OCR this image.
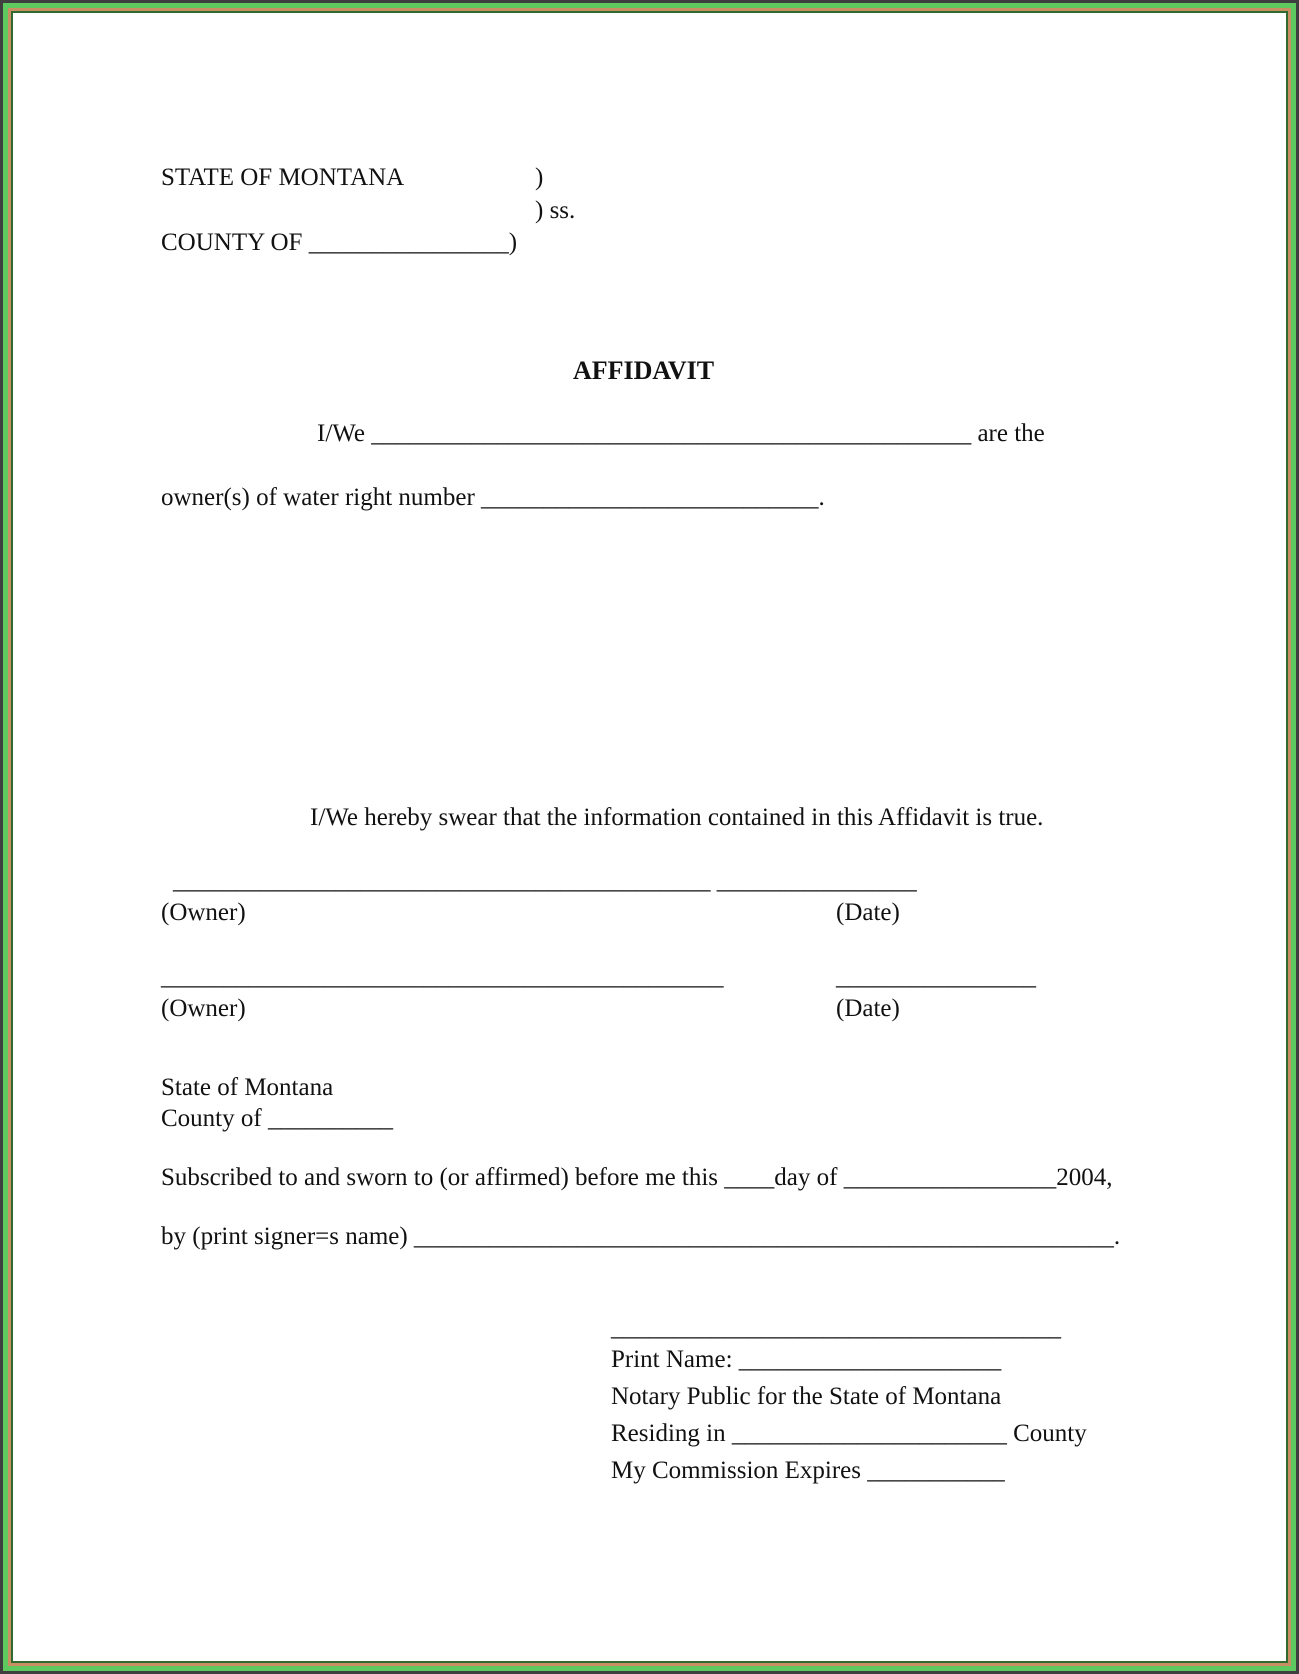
STATE OF MONTANA	)
) ss.
COUNTY OF ________________)
AFFIDAVIT
I/We ________________________________________________ are the
owner(s) of water right number ___________________________.
I/We hereby swear that the information contained in this Affidavit is true.
___________________________________________ ________________
(Owner)	(Date)
_____________________________________________	________________
(Owner)	(Date)
State of Montana
County of __________
Subscribed to and sworn to (or affirmed) before me this ____day of _________________2004,
by (print signer=s name) ________________________________________________________.
____________________________________
Print Name: _____________________
Notary Public for the State of Montana
Residing in ______________________ County
My Commission Expires ___________
